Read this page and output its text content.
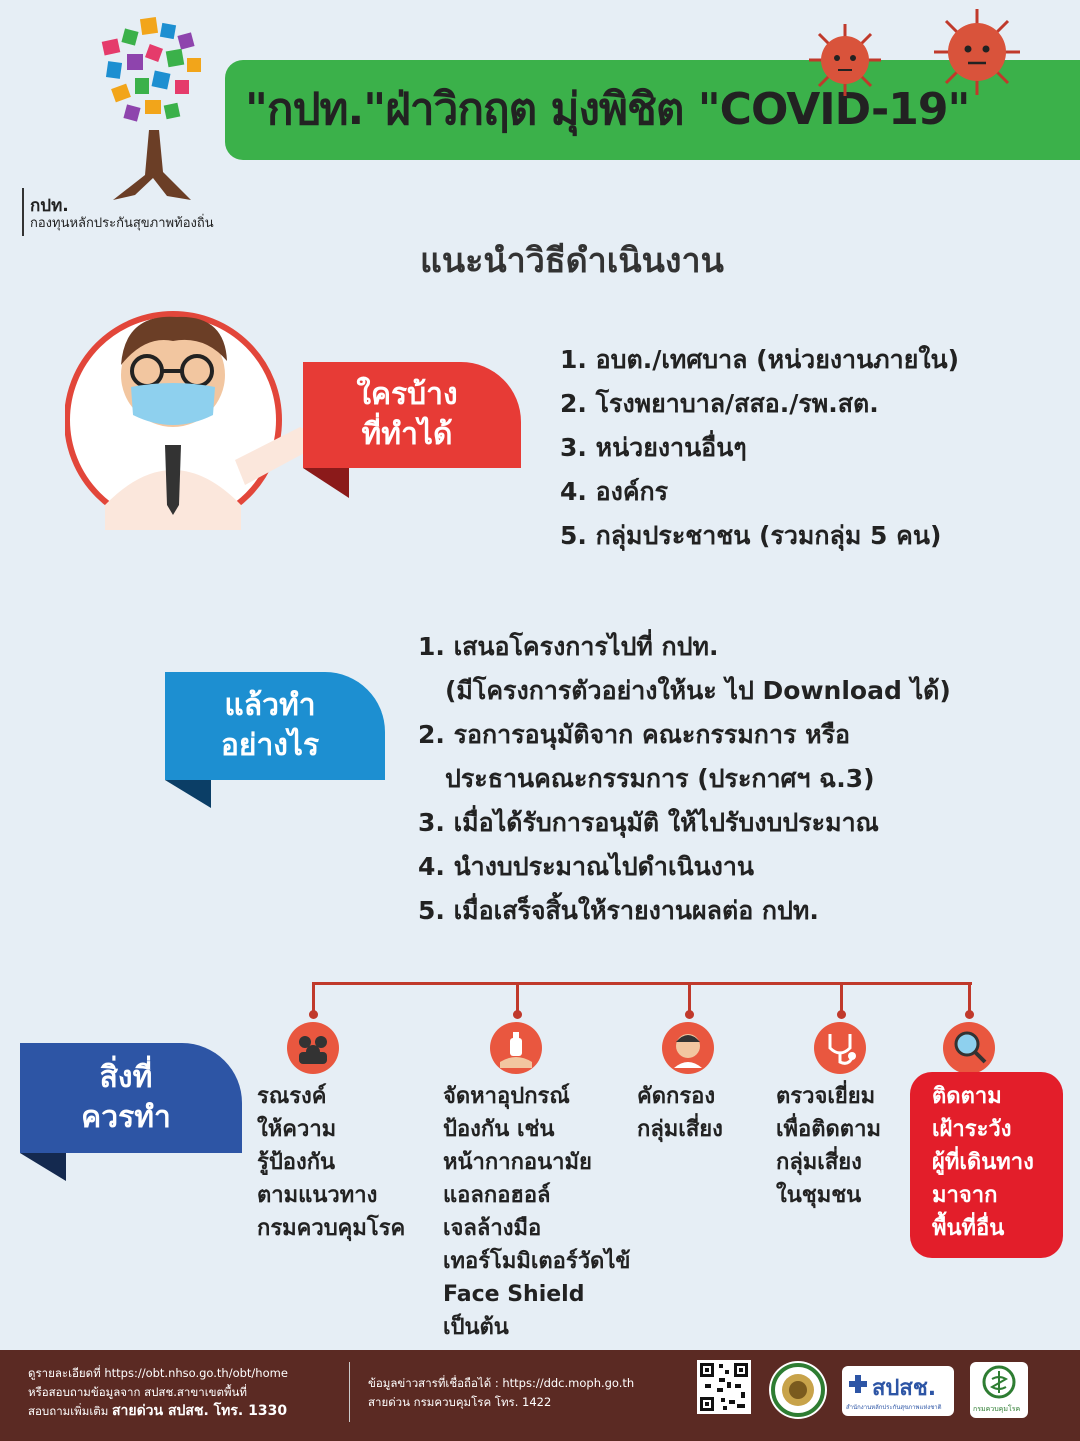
กปท.
กองทุนหลักประกันสุขภาพท้องถิ่น
"กปท."ฝ่าวิกฤต มุ่งพิชิต "COVID-19"
แนะนำวิธีดำเนินงาน
ใครบ้าง
ที่ทำได้
1. อบต./เทศบาล (หน่วยงานภายใน)
2. โรงพยาบาล/สสอ./รพ.สต.
3. หน่วยงานอื่นๆ
4. องค์กร
5. กลุ่มประชาชน (รวมกลุ่ม 5 คน)
แล้วทำ
อย่างไร
1. เสนอโครงการไปที่ กปท.
(มีโครงการตัวอย่างให้นะ ไป Download ได้)
2. รอการอนุมัติจาก คณะกรรมการ หรือ
ประธานคณะกรรมการ (ประกาศฯ ฉ.3)
3. เมื่อได้รับการอนุมัติ ให้ไปรับงบประมาณ
4. นำงบประมาณไปดำเนินงาน
5. เมื่อเสร็จสิ้นให้รายงานผลต่อ กปท.
สิ่งที่
ควรทำ
รณรงค์
ให้ความ
รู้ป้องกัน
ตามแนวทาง
กรมควบคุมโรค
จัดหาอุปกรณ์
ป้องกัน เช่น
หน้ากากอนามัย
แอลกอฮอล์
เจลล้างมือ
เทอร์โมมิเตอร์วัดไข้
Face Shield
เป็นต้น
คัดกรอง
กลุ่มเสี่ยง
ตรวจเยี่ยม
เพื่อติดตาม
กลุ่มเสี่ยง
ในชุมชน
ติดตาม
เฝ้าระวัง
ผู้ที่เดินทาง
มาจาก
พื้นที่อื่น
ดูรายละเอียดที่ https://obt.nhso.go.th/obt/home
หรือสอบถามข้อมูลจาก สปสช.สาขาเขตพื้นที่
สอบถามเพิ่มเติม สายด่วน สปสช. โทร. 1330
ข้อมูลข่าวสารที่เชื่อถือได้ : https://ddc.moph.go.th
สายด่วน กรมควบคุมโรค โทร. 1422
สปสช.
สำนักงานหลักประกันสุขภาพแห่งชาติ	กรมควบคุมโรค
